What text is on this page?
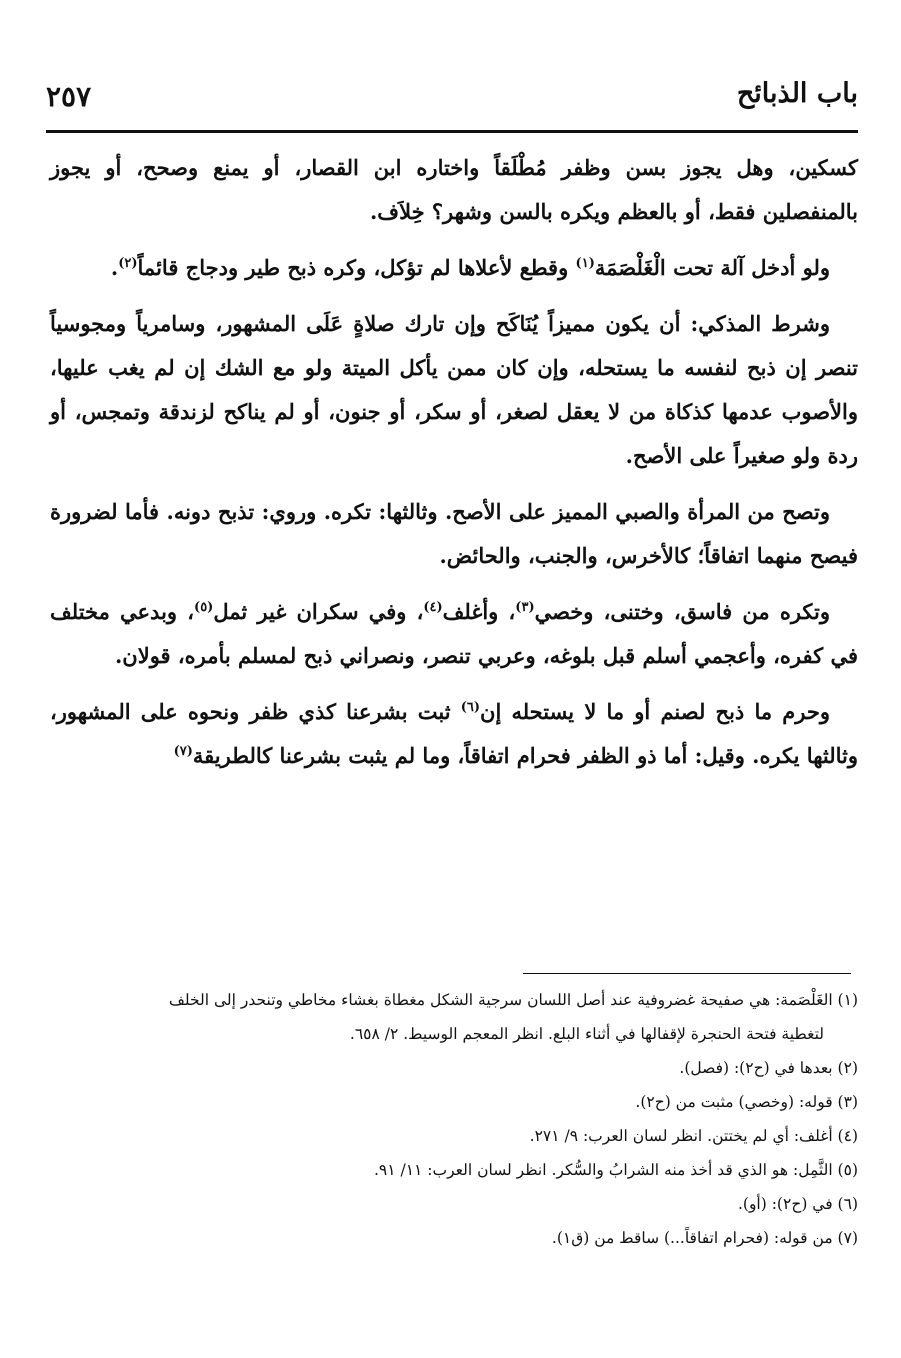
باب الذبائح
٢٥٧

كسكين، وهل يجوز بسن وظفر مُطْلَقاً واختاره ابن القصار، أو يمنع وصحح، أو يجوز بالمنفصلين فقط، أو بالعظم ويكره بالسن وشهر؟ خِلاَف.

ولو أدخل آلة تحت الْغَلْصَمَة$^{(١)}$ وقطع لأعلاها لم تؤكل، وكره ذبح طير ودجاج قائماً$^{(٢)}$.

وشرط المذكي: أن يكون مميزاً يُنَاكَح وإن تارك صلاةٍ عَلَى المشهور، وسامرياً ومجوسياً تنصر إن ذبح لنفسه ما يستحله، وإن كان ممن يأكل الميتة ولو مع الشك إن لم يغب عليها، والأصوب عدمها كذكاة من لا يعقل لصغر، أو سكر، أو جنون، أو لم يناكح لزندقة وتمجس، أو ردة ولو صغيراً على الأصح.

وتصح من المرأة والصبي المميز على الأصح. وثالثها: تكره. وروي: تذبح دونه. فأما لضرورة فيصح منهما اتفاقاً؛ كالأخرس، والجنب، والحائض.

وتكره من فاسق، وختنى، وخصي$^{(٣)}$، وأغلف$^{(٤)}$، وفي سكران غير ثمل$^{(٥)}$، وبدعي مختلف في كفره، وأعجمي أسلم قبل بلوغه، وعربي تنصر، ونصراني ذبح لمسلم بأمره، قولان.

وحرم ما ذبح لصنم أو ما لا يستحله إن$^{(٦)}$ ثبت بشرعنا كذي ظفر ونحوه على المشهور، وثالثها يكره. وقيل: أما ذو الظفر فحرام اتفاقاً، وما لم يثبت بشرعنا كالطريقة$^{(٧)}$

(١) الغَلْصَمة: هي صفيحة غضروفية عند أصل اللسان سرجية الشكل مغطاة بغشاء مخاطي وتنحدر إلى الخلف

لتغطية فتحة الحنجرة لإقفالها في أثناء البلع. انظر المعجم الوسيط. ٢/ ٦٥٨.

(٢) بعدها في (ح٢): (فصل).

(٣) قوله: (وخصي) مثبت من (ح٢).

(٤) أغلف: أي لم يختتن. انظر لسان العرب: ٩/ ٢٧١.

(٥) الثَّمِل: هو الذي قد أخذ منه الشرابُ والسُّكر. انظر لسان العرب: ١١/ ٩١.

(٦) في (ح٢): (أو).

(٧) من قوله: (فحرام اتفاقاً...) ساقط من (ق١).
